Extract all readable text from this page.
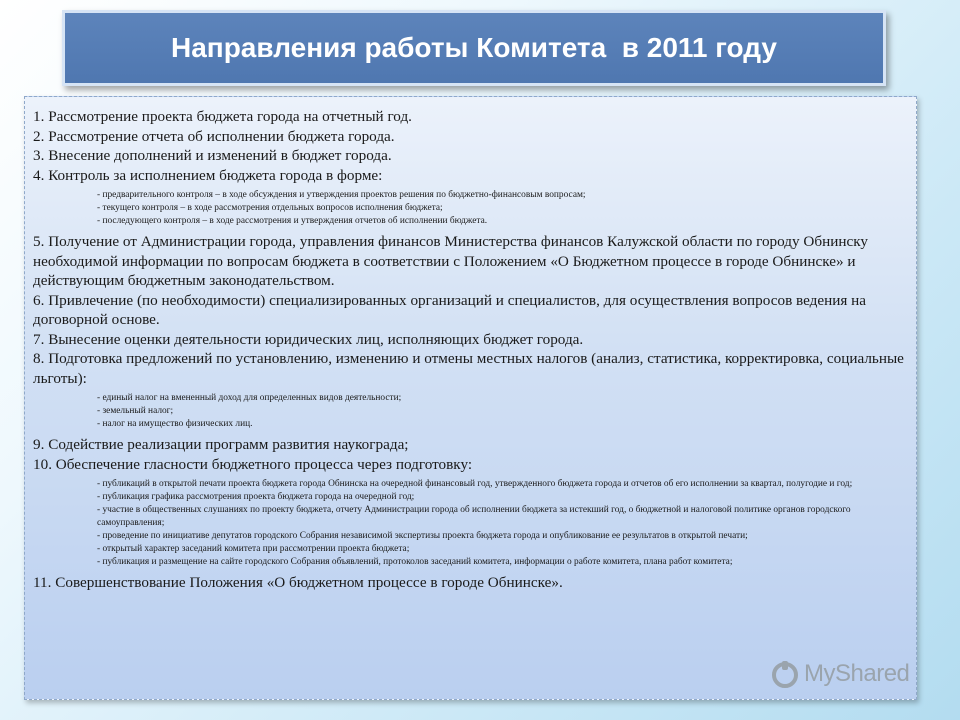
Направления работы Комитета  в 2011 году

1. Рассмотрение проекта бюджета города на отчетный год.

2. Рассмотрение отчета об исполнении бюджета города.

3. Внесение дополнений и изменений в бюджет города.

4. Контроль за исполнением бюджета города в форме:

- предварительного контроля – в ходе обсуждения и утверждения проектов решения по бюджетно-финансовым вопросам;

- текущего контроля – в ходе рассмотрения отдельных вопросов исполнения бюджета;

- последующего контроля – в ходе рассмотрения и утверждения отчетов об исполнении бюджета.

5. Получение от Администрации города, управления финансов Министерства финансов Калужской области по городу Обнинску необходимой информации по вопросам бюджета в соответствии с Положением «О Бюджетном процессе в городе Обнинске» и действующим бюджетным законодательством.

6. Привлечение (по необходимости) специализированных организаций и специалистов, для осуществления вопросов ведения на договорной основе.

7. Вынесение оценки деятельности юридических лиц, исполняющих бюджет города.

8. Подготовка предложений по установлению, изменению и отмены местных налогов (анализ, статистика, корректировка, социальные льготы):

- единый налог на вмененный доход для определенных видов деятельности;

- земельный налог;

- налог на имущество физических лиц.

9. Содействие реализации программ развития наукограда;

10. Обеспечение гласности бюджетного процесса через подготовку:

- публикаций в открытой печати проекта бюджета города Обнинска на очередной финансовый год, утвержденного бюджета города и отчетов об его исполнении за квартал, полугодие и год;

- публикация графика рассмотрения проекта бюджета города на очередной год;

- участие в общественных слушаниях по проекту бюджета, отчету Администрации города об исполнении бюджета за истекший год, о бюджетной и налоговой политике органов городского самоуправления;

- проведение по инициативе депутатов городского Собрания независимой экспертизы проекта бюджета города и опубликование ее результатов в открытой печати;

- открытый характер заседаний комитета при рассмотрении проекта бюджета;

- публикация и размещение на сайте городского Собрания объявлений, протоколов заседаний комитета, информации о работе комитета, плана работ комитета;

11. Совершенствование Положения «О бюджетном процессе в городе Обнинске».

MyShared
